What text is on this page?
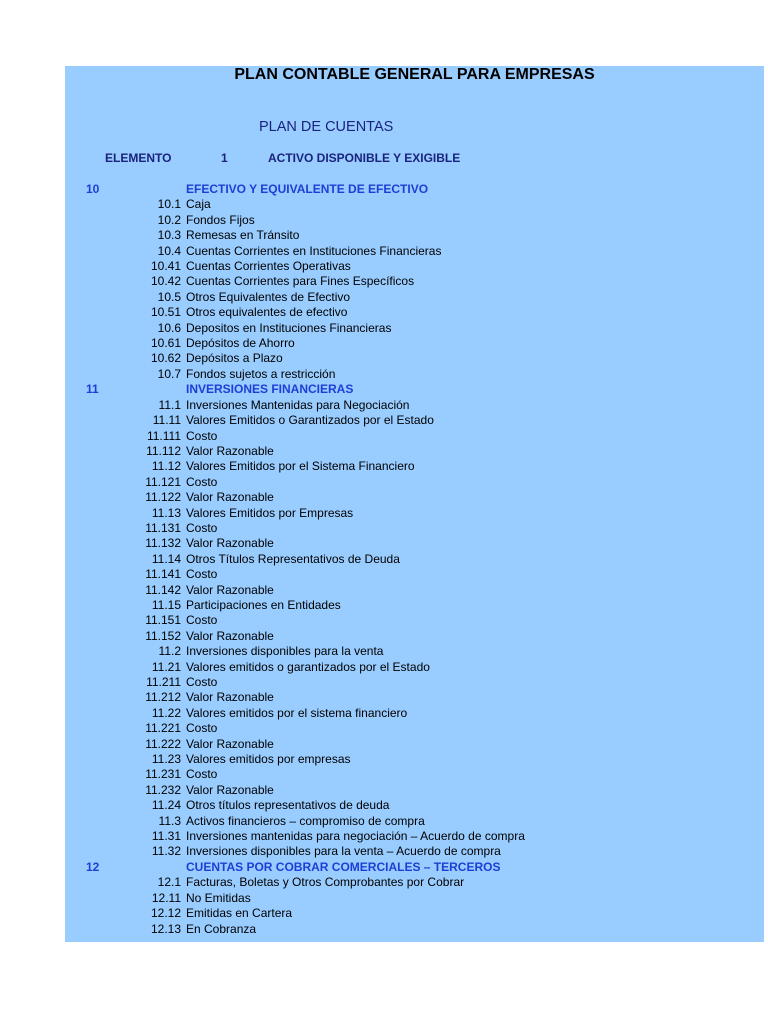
PLAN CONTABLE GENERAL PARA EMPRESAS
PLAN DE CUENTAS
ELEMENTO	1	ACTIVO DISPONIBLE Y EXIGIBLE
10	EFECTIVO Y EQUIVALENTE DE EFECTIVO
10.1 Caja
10.2 Fondos Fijos
10.3 Remesas en Tránsito
10.4 Cuentas Corrientes en Instituciones Financieras
10.41 Cuentas Corrientes Operativas
10.42 Cuentas Corrientes para Fines Específicos
10.5 Otros Equivalentes de Efectivo
10.51 Otros equivalentes de efectivo
10.6 Depositos en Instituciones Financieras
10.61 Depósitos de Ahorro
10.62 Depósitos a Plazo
10.7 Fondos sujetos a restricción
11	INVERSIONES FINANCIERAS
11.1 Inversiones Mantenidas para Negociación
11.11 Valores Emitidos o Garantizados por el Estado
11.111 Costo
11.112 Valor Razonable
11.12 Valores Emitidos por el Sistema Financiero
11.121 Costo
11.122 Valor Razonable
11.13 Valores Emitidos por Empresas
11.131 Costo
11.132 Valor Razonable
11.14 Otros Títulos Representativos de Deuda
11.141 Costo
11.142 Valor Razonable
11.15 Participaciones en Entidades
11.151 Costo
11.152 Valor Razonable
11.2 Inversiones disponibles para la venta
11.21 Valores emitidos o garantizados por el Estado
11.211 Costo
11.212 Valor Razonable
11.22 Valores emitidos por el sistema financiero
11.221 Costo
11.222 Valor Razonable
11.23 Valores emitidos por empresas
11.231 Costo
11.232 Valor Razonable
11.24 Otros títulos representativos de deuda
11.3 Activos financieros – compromiso de compra
11.31 Inversiones mantenidas para negociación – Acuerdo de compra
11.32 Inversiones disponibles para la venta – Acuerdo de compra
12	CUENTAS POR COBRAR COMERCIALES – TERCEROS
12.1 Facturas, Boletas y Otros Comprobantes por Cobrar
12.11 No Emitidas
12.12 Emitidas en Cartera
12.13 En Cobranza
